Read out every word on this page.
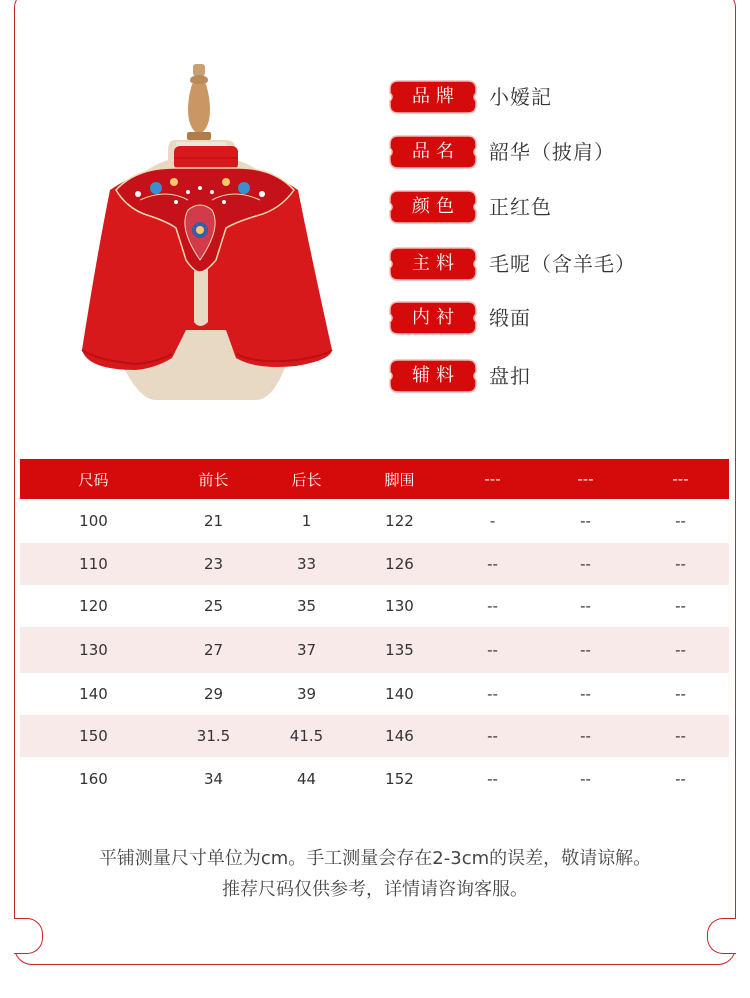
品牌	小嫒記
品名	韶华（披肩）
颜色	正红色
主料	毛呢（含羊毛）
内衬	缎面
辅料	盘扣
尺码	前长	后长	脚围	---	---	---
100	21	1	122	-	--	--
110	23	33	126	--	--	--
120	25	35	130	--	--	--
130	27	37	135	--	--	--
140	29	39	140	--	--	--
150	31.5	41.5	146	--	--	--
160	34	44	152	--	--	--
平铺测量尺寸单位为cm。手工测量会存在2-3cm的误差，敬请谅解。
推荐尺码仅供参考，详情请咨询客服。
